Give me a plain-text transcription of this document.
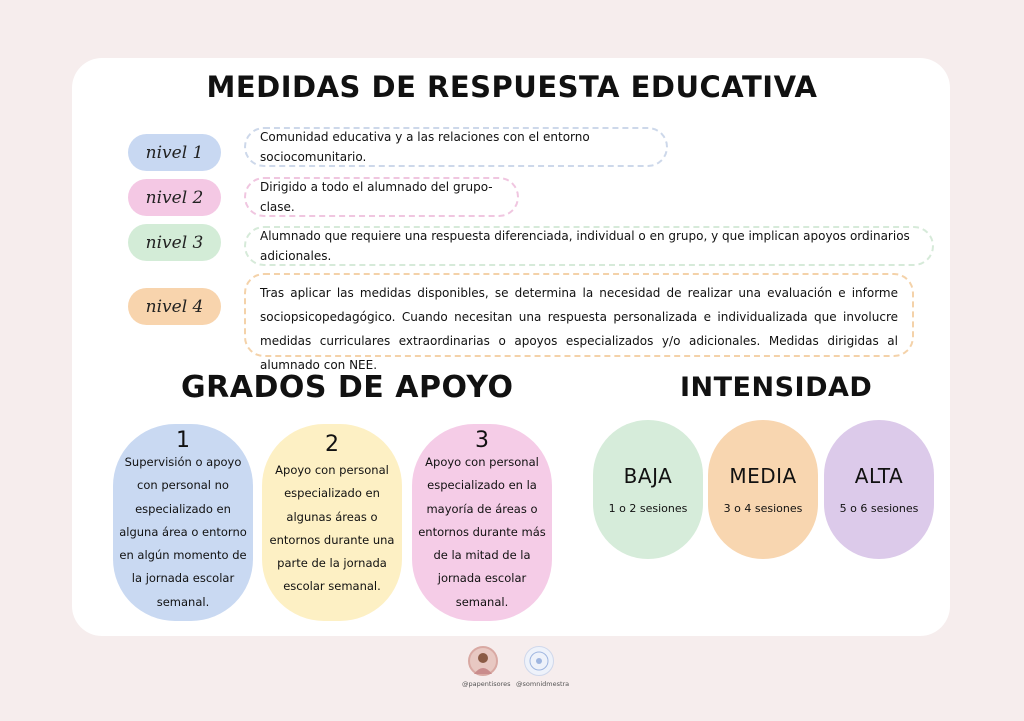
MEDIDAS DE RESPUESTA EDUCATIVA
nivel 1
Comunidad educativa y a las relaciones con el entorno sociocomunitario.
nivel 2
Dirigido a todo el alumnado del grupo-clase.
nivel 3	Alumnado que requiere una respuesta diferenciada, individual o en grupo, y que implican apoyos ordinarios adicionales.
nivel 4
Tras aplicar las medidas disponibles, se determina la necesidad de realizar una evaluación e informe sociopsicopedagógico. Cuando necesitan una respuesta personalizada e individualizada que involucre medidas curriculares extraordinarias o apoyos especializados y/o adicionales. Medidas dirigidas al alumnado con NEE.
GRADOS DE APOYO	INTENSIDAD
1
Supervisión o apoyo con personal no especializado en alguna área o entorno en algún momento de la jornada escolar semanal.
2
Apoyo con personal especializado en algunas áreas o entornos durante una parte de la jornada escolar semanal.
3
Apoyo con personal especializado en la mayoría de áreas o entornos durante más de la mitad de la jornada escolar semanal.
BAJA
1 o 2 sesiones
MEDIA
3 o 4 sesiones
ALTA
5 o 6 sesiones
@papentisores @somnidmestra
